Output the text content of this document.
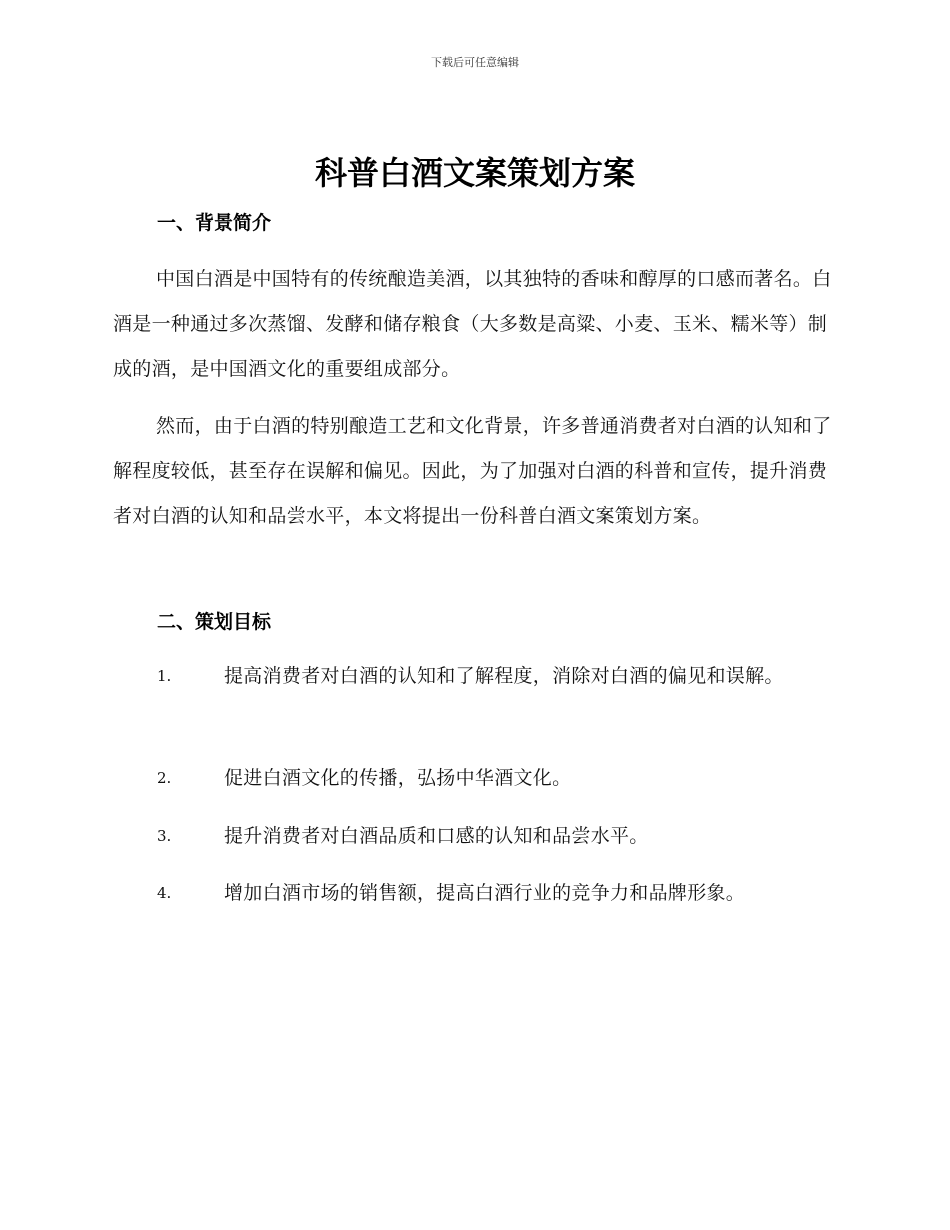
下载后可任意编辑
科普白酒文案策划方案
一、背景简介

中国白酒是中国特有的传统酿造美酒，以其独特的香味和醇厚的口感而著名。白酒是一种通过多次蒸馏、发酵和储存粮食（大多数是高粱、小麦、玉米、糯米等）制成的酒，是中国酒文化的重要组成部分。

然而，由于白酒的特别酿造工艺和文化背景，许多普通消费者对白酒的认知和了解程度较低，甚至存在误解和偏见。因此，为了加强对白酒的科普和宣传，提升消费者对白酒的认知和品尝水平，本文将提出一份科普白酒文案策划方案。

二、策划目标
1.	提高消费者对白酒的认知和了解程度，消除对白酒的偏见和误解。
2.	促进白酒文化的传播，弘扬中华酒文化。
3.	提升消费者对白酒品质和口感的认知和品尝水平。
4.	增加白酒市场的销售额，提高白酒行业的竞争力和品牌形象。
